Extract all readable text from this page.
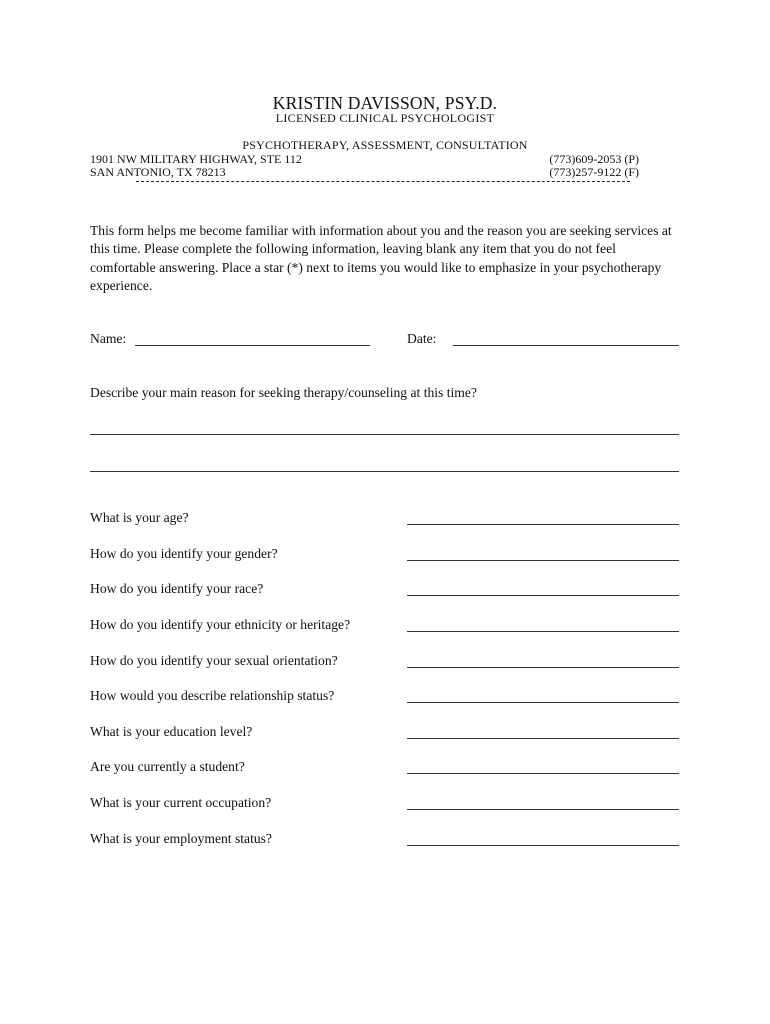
KRISTIN DAVISSON, PSY.D.
LICENSED CLINICAL PSYCHOLOGIST
PSYCHOTHERAPY, ASSESSMENT, CONSULTATION
1901 NW MILITARY HIGHWAY, STE 112
SAN ANTONIO, TX 78213
(773)609-2053 (P)
(773)257-9122 (F)
This form helps me become familiar with information about you and the reason you are seeking services at this time. Please complete the following information, leaving blank any item that you do not feel comfortable answering. Place a star (*) next to items you would like to emphasize in your psychotherapy experience.
Name:	Date:
Describe your main reason for seeking therapy/counseling at this time?
What is your age?
How do you identify your gender?
How do you identify your race?
How do you identify your ethnicity or heritage?
How do you identify your sexual orientation?
How would you describe relationship status?
What is your education level?
Are you currently a student?
What is your current occupation?
What is your employment status?
